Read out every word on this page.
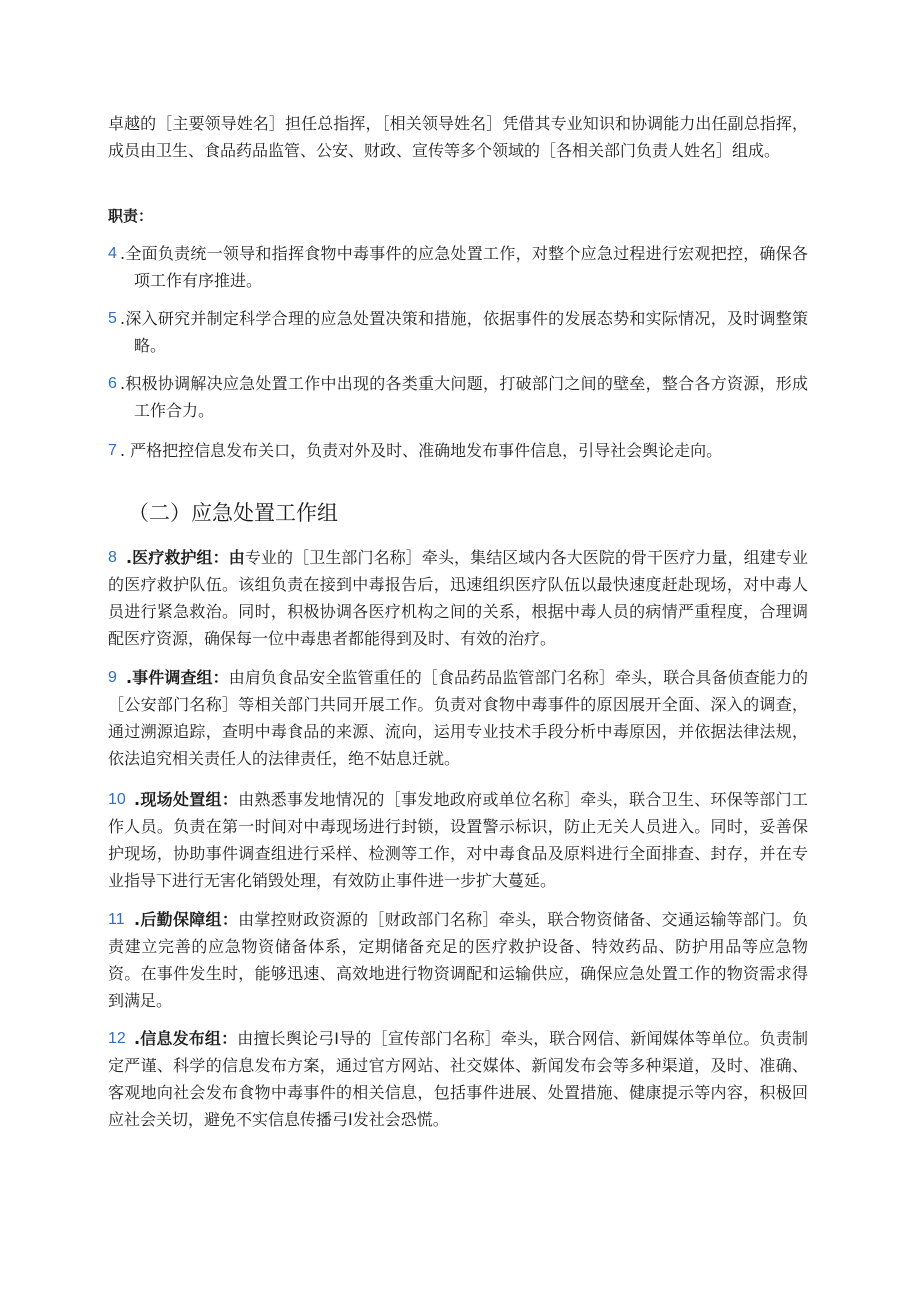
卓越的［主要领导姓名］担任总指挥，［相关领导姓名］凭借其专业知识和协调能力出任副总指挥，成员由卫生、食品药品监管、公安、财政、宣传等多个领域的［各相关部门负责人姓名］组成。

职责：
4 .全面负责统一领导和指挥食物中毒事件的应急处置工作，对整个应急过程进行宏观把控，确保各项工作有序推进。

5 .深入研究并制定科学合理的应急处置决策和措施，依据事件的发展态势和实际情况，及时调整策略。

6 .积极协调解决应急处置工作中出现的各类重大问题，打破部门之间的壁垒，整合各方资源，形成工作合力。

7 . 严格把控信息发布关口，负责对外及时、准确地发布事件信息，引导社会舆论走向。

（二）应急处置工作组
8 .医疗救护组：由专业的［卫生部门名称］牵头，集结区域内各大医院的骨干医疗力量，组建专业的医疗救护队伍。该组负责在接到中毒报告后，迅速组织医疗队伍以最快速度赶赴现场，对中毒人员进行紧急救治。同时，积极协调各医疗机构之间的关系，根据中毒人员的病情严重程度，合理调配医疗资源，确保每一位中毒患者都能得到及时、有效的治疗。

9 .事件调查组：由肩负食品安全监管重任的［食品药品监管部门名称］牵头，联合具备侦查能力的［公安部门名称］等相关部门共同开展工作。负责对食物中毒事件的原因展开全面、深入的调查，通过溯源追踪，查明中毒食品的来源、流向，运用专业技术手段分析中毒原因，并依据法律法规，依法追究相关责任人的法律责任，绝不姑息迁就。

10 .现场处置组：由熟悉事发地情况的［事发地政府或单位名称］牵头，联合卫生、环保等部门工作人员。负责在第一时间对中毒现场进行封锁，设置警示标识，防止无关人员进入。同时，妥善保护现场，协助事件调查组进行采样、检测等工作，对中毒食品及原料进行全面排查、封存，并在专业指导下进行无害化销毁处理，有效防止事件进一步扩大蔓延。

11 .后勤保障组：由掌控财政资源的［财政部门名称］牵头，联合物资储备、交通运输等部门。负责建立完善的应急物资储备体系，定期储备充足的医疗救护设备、特效药品、防护用品等应急物资。在事件发生时，能够迅速、高效地进行物资调配和运输供应，确保应急处置工作的物资需求得到满足。

12 .信息发布组：由擅长舆论弓I导的［宣传部门名称］牵头，联合网信、新闻媒体等单位。负责制定严谨、科学的信息发布方案，通过官方网站、社交媒体、新闻发布会等多种渠道，及时、准确、客观地向社会发布食物中毒事件的相关信息，包括事件进展、处置措施、健康提示等内容，积极回应社会关切，避免不实信息传播弓I发社会恐慌。
